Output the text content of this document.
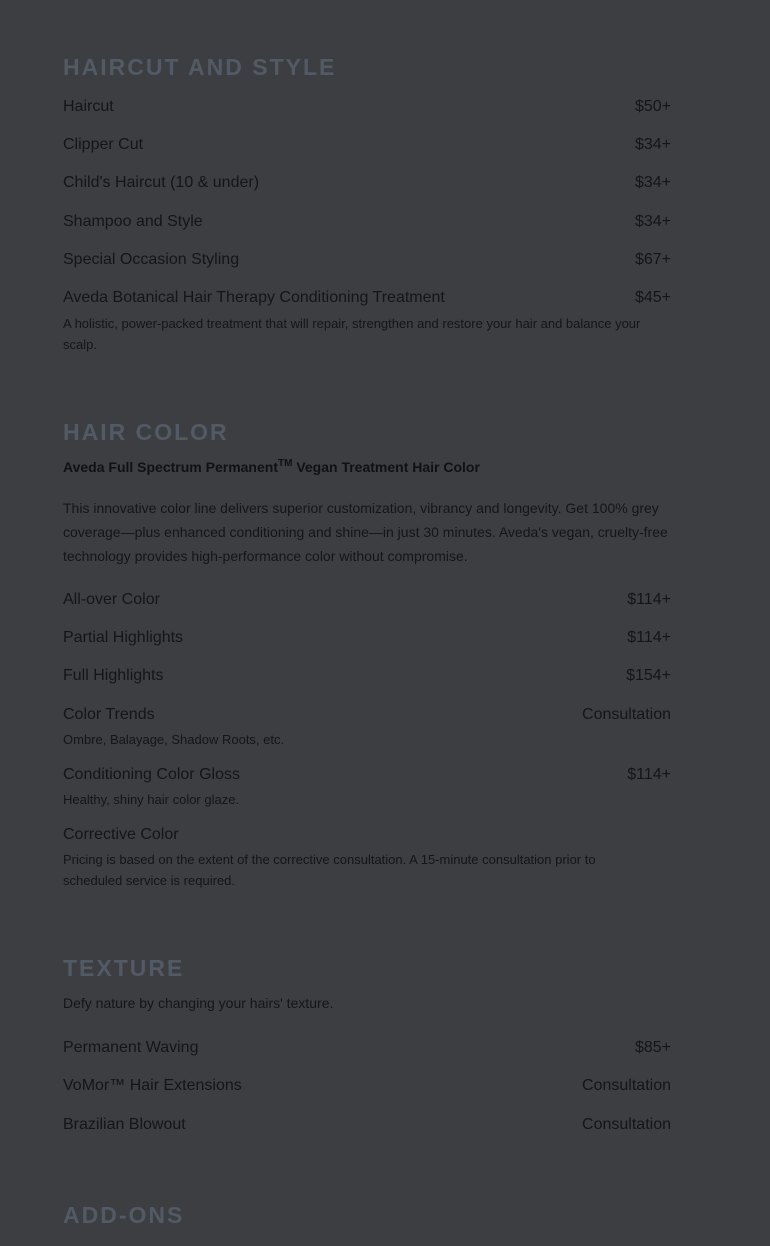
HAIRCUT AND STYLE
Haircut	$50+
Clipper Cut	$34+
Child's Haircut (10 & under)	$34+
Shampoo and Style	$34+
Special Occasion Styling	$67+
Aveda Botanical Hair Therapy Conditioning Treatment	$45+
A holistic, power-packed treatment that will repair, strengthen and restore your hair and balance your scalp.
HAIR COLOR
Aveda Full Spectrum Permanent™ Vegan Treatment Hair Color
This innovative color line delivers superior customization, vibrancy and longevity. Get 100% grey coverage—plus enhanced conditioning and shine—in just 30 minutes. Aveda's vegan, cruelty-free technology provides high-performance color without compromise.
All-over Color	$114+
Partial Highlights	$114+
Full Highlights	$154+
Color Trends	Consultation
Ombre, Balayage, Shadow Roots, etc.
Conditioning Color Gloss	$114+
Healthy, shiny hair color glaze.
Corrective Color
Pricing is based on the extent of the corrective consultation. A 15-minute consultation prior to scheduled service is required.
TEXTURE
Defy nature by changing your hairs' texture.
Permanent Waving	$85+
VoMor™ Hair Extensions	Consultation
Brazilian Blowout	Consultation
ADD-ONS
